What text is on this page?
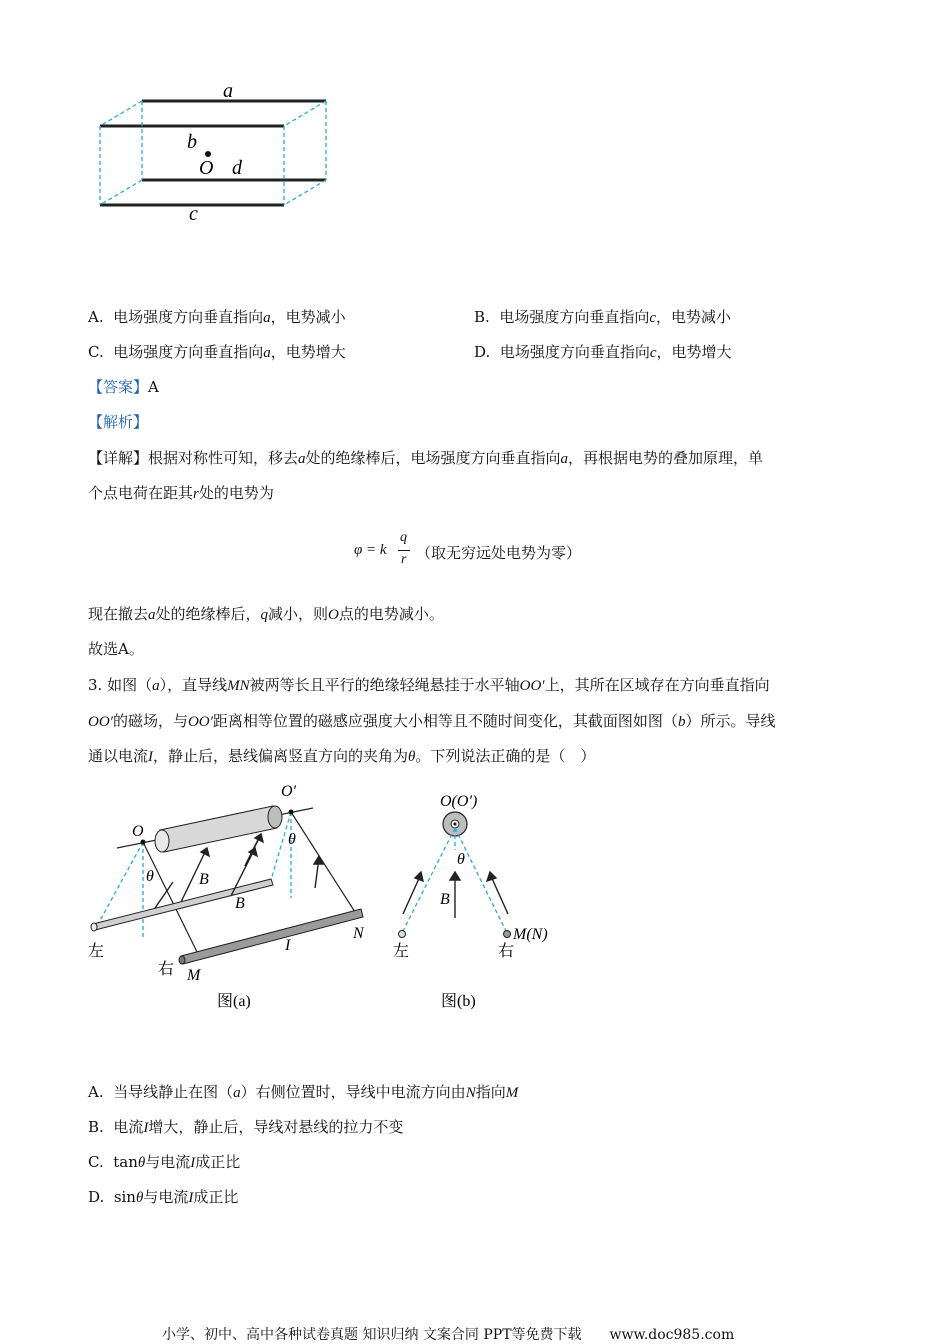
a
b
O d
c
A. 电场强度方向垂直指向a，电势减小	B. 电场强度方向垂直指向c，电势减小
C. 电场强度方向垂直指向a，电势增大	D. 电场强度方向垂直指向c，电势增大
【答案】A
【解析】
【详解】根据对称性可知，移去a处的绝缘棒后，电场强度方向垂直指向a，再根据电势的叠加原理，单
个点电荷在距其r处的电势为
φ = k
q
r （取无穷远处电势为零）
现在撤去a处的绝缘棒后，q减小，则O点的电势减小。
故选A。
3. 如图（a），直导线MN被两等长且平行的绝缘轻绳悬挂于水平轴OO′上，其所在区域存在方向垂直指向
OO′的磁场，与OO′距离相等位置的磁感应强度大小相等且不随时间变化，其截面图如图（b）所示。导线
通以电流I，静止后，悬线偏离竖直方向的夹角为θ。下列说法正确的是（　）
O
O′
θ
θ
B
B
左
右 M
I
N
图(a)
O(O′)
θ
B
左	右
M(N)
图(b)
A. 当导线静止在图（a）右侧位置时，导线中电流方向由N指向M
B. 电流I增大，静止后，导线对悬线的拉力不变
C. tanθ与电流I成正比
D. sinθ与电流I成正比
小学、初中、高中各种试卷真题 知识归纳 文案合同 PPT等免费下载　　www.doc985.com
